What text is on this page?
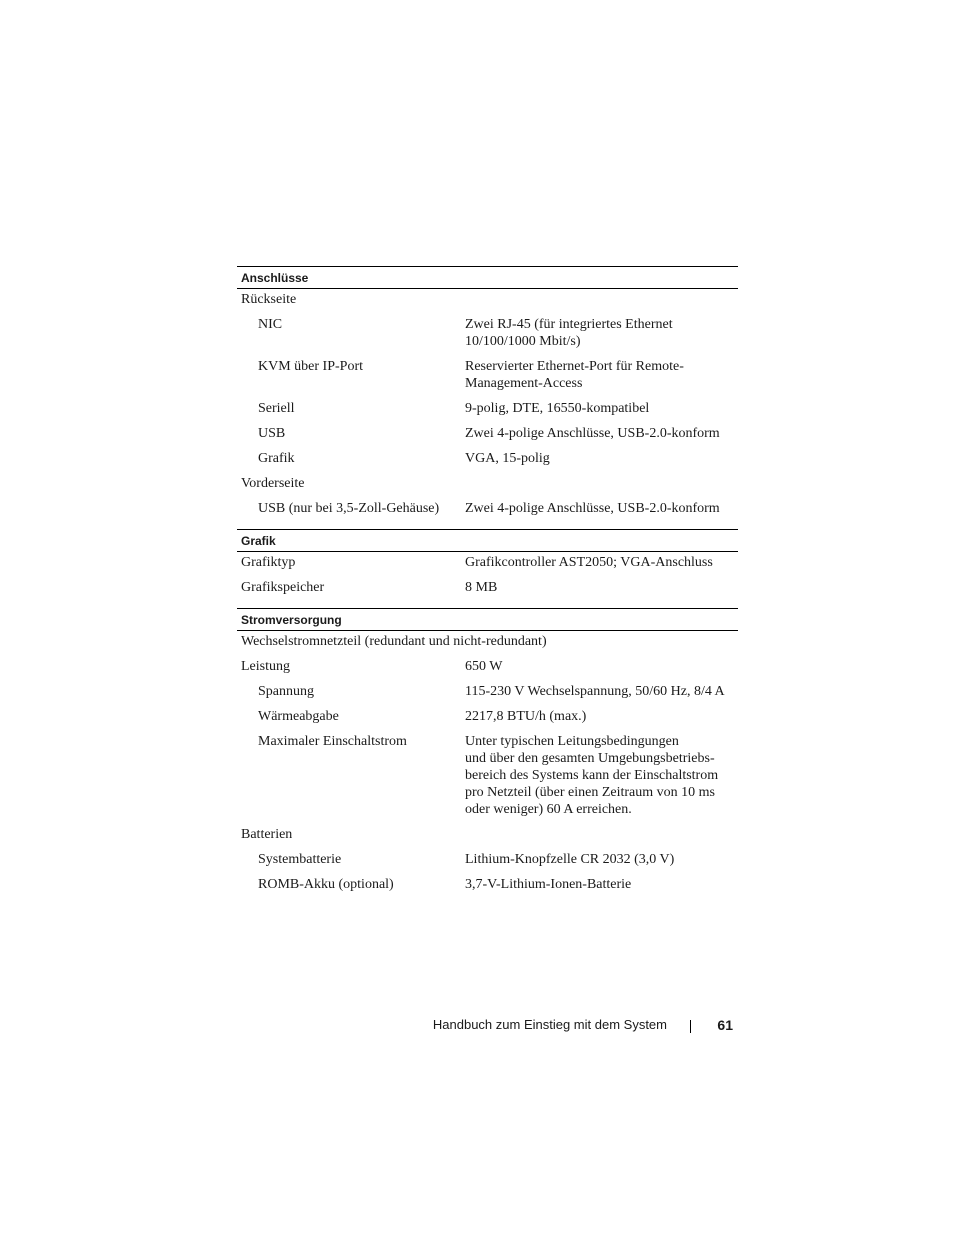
Anschlüsse
Rückseite
NIC	Zwei RJ-45 (für integriertes Ethernet
10/100/1000 Mbit/s)
KVM über IP-Port	Reservierter Ethernet-Port für Remote-
Management-Access
Seriell	9-polig, DTE, 16550-kompatibel
USB	Zwei 4-polige Anschlüsse, USB-2.0-konform
Grafik	VGA, 15-polig
Vorderseite
USB (nur bei 3,5-Zoll-Gehäuse)	Zwei 4-polige Anschlüsse, USB-2.0-konform
Grafik
Grafiktyp	Grafikcontroller AST2050; VGA-Anschluss
Grafikspeicher	8 MB
Stromversorgung
Wechselstromnetzteil (redundant und nicht-redundant)
Leistung	650 W
Spannung	115-230 V Wechselspannung, 50/60 Hz, 8/4 A
Wärmeabgabe	2217,8 BTU/h (max.)
Maximaler Einschaltstrom	Unter typischen Leitungsbedingungen
und über den gesamten Umgebungsbetriebs-
bereich des Systems kann der Einschaltstrom
pro Netzteil (über einen Zeitraum von 10 ms
oder weniger) 60 A erreichen.
Batterien
Systembatterie	Lithium-Knopfzelle CR 2032 (3,0 V)
ROMB-Akku (optional)	3,7-V-Lithium-Ionen-Batterie
Handbuch zum Einstieg mit dem System	61
